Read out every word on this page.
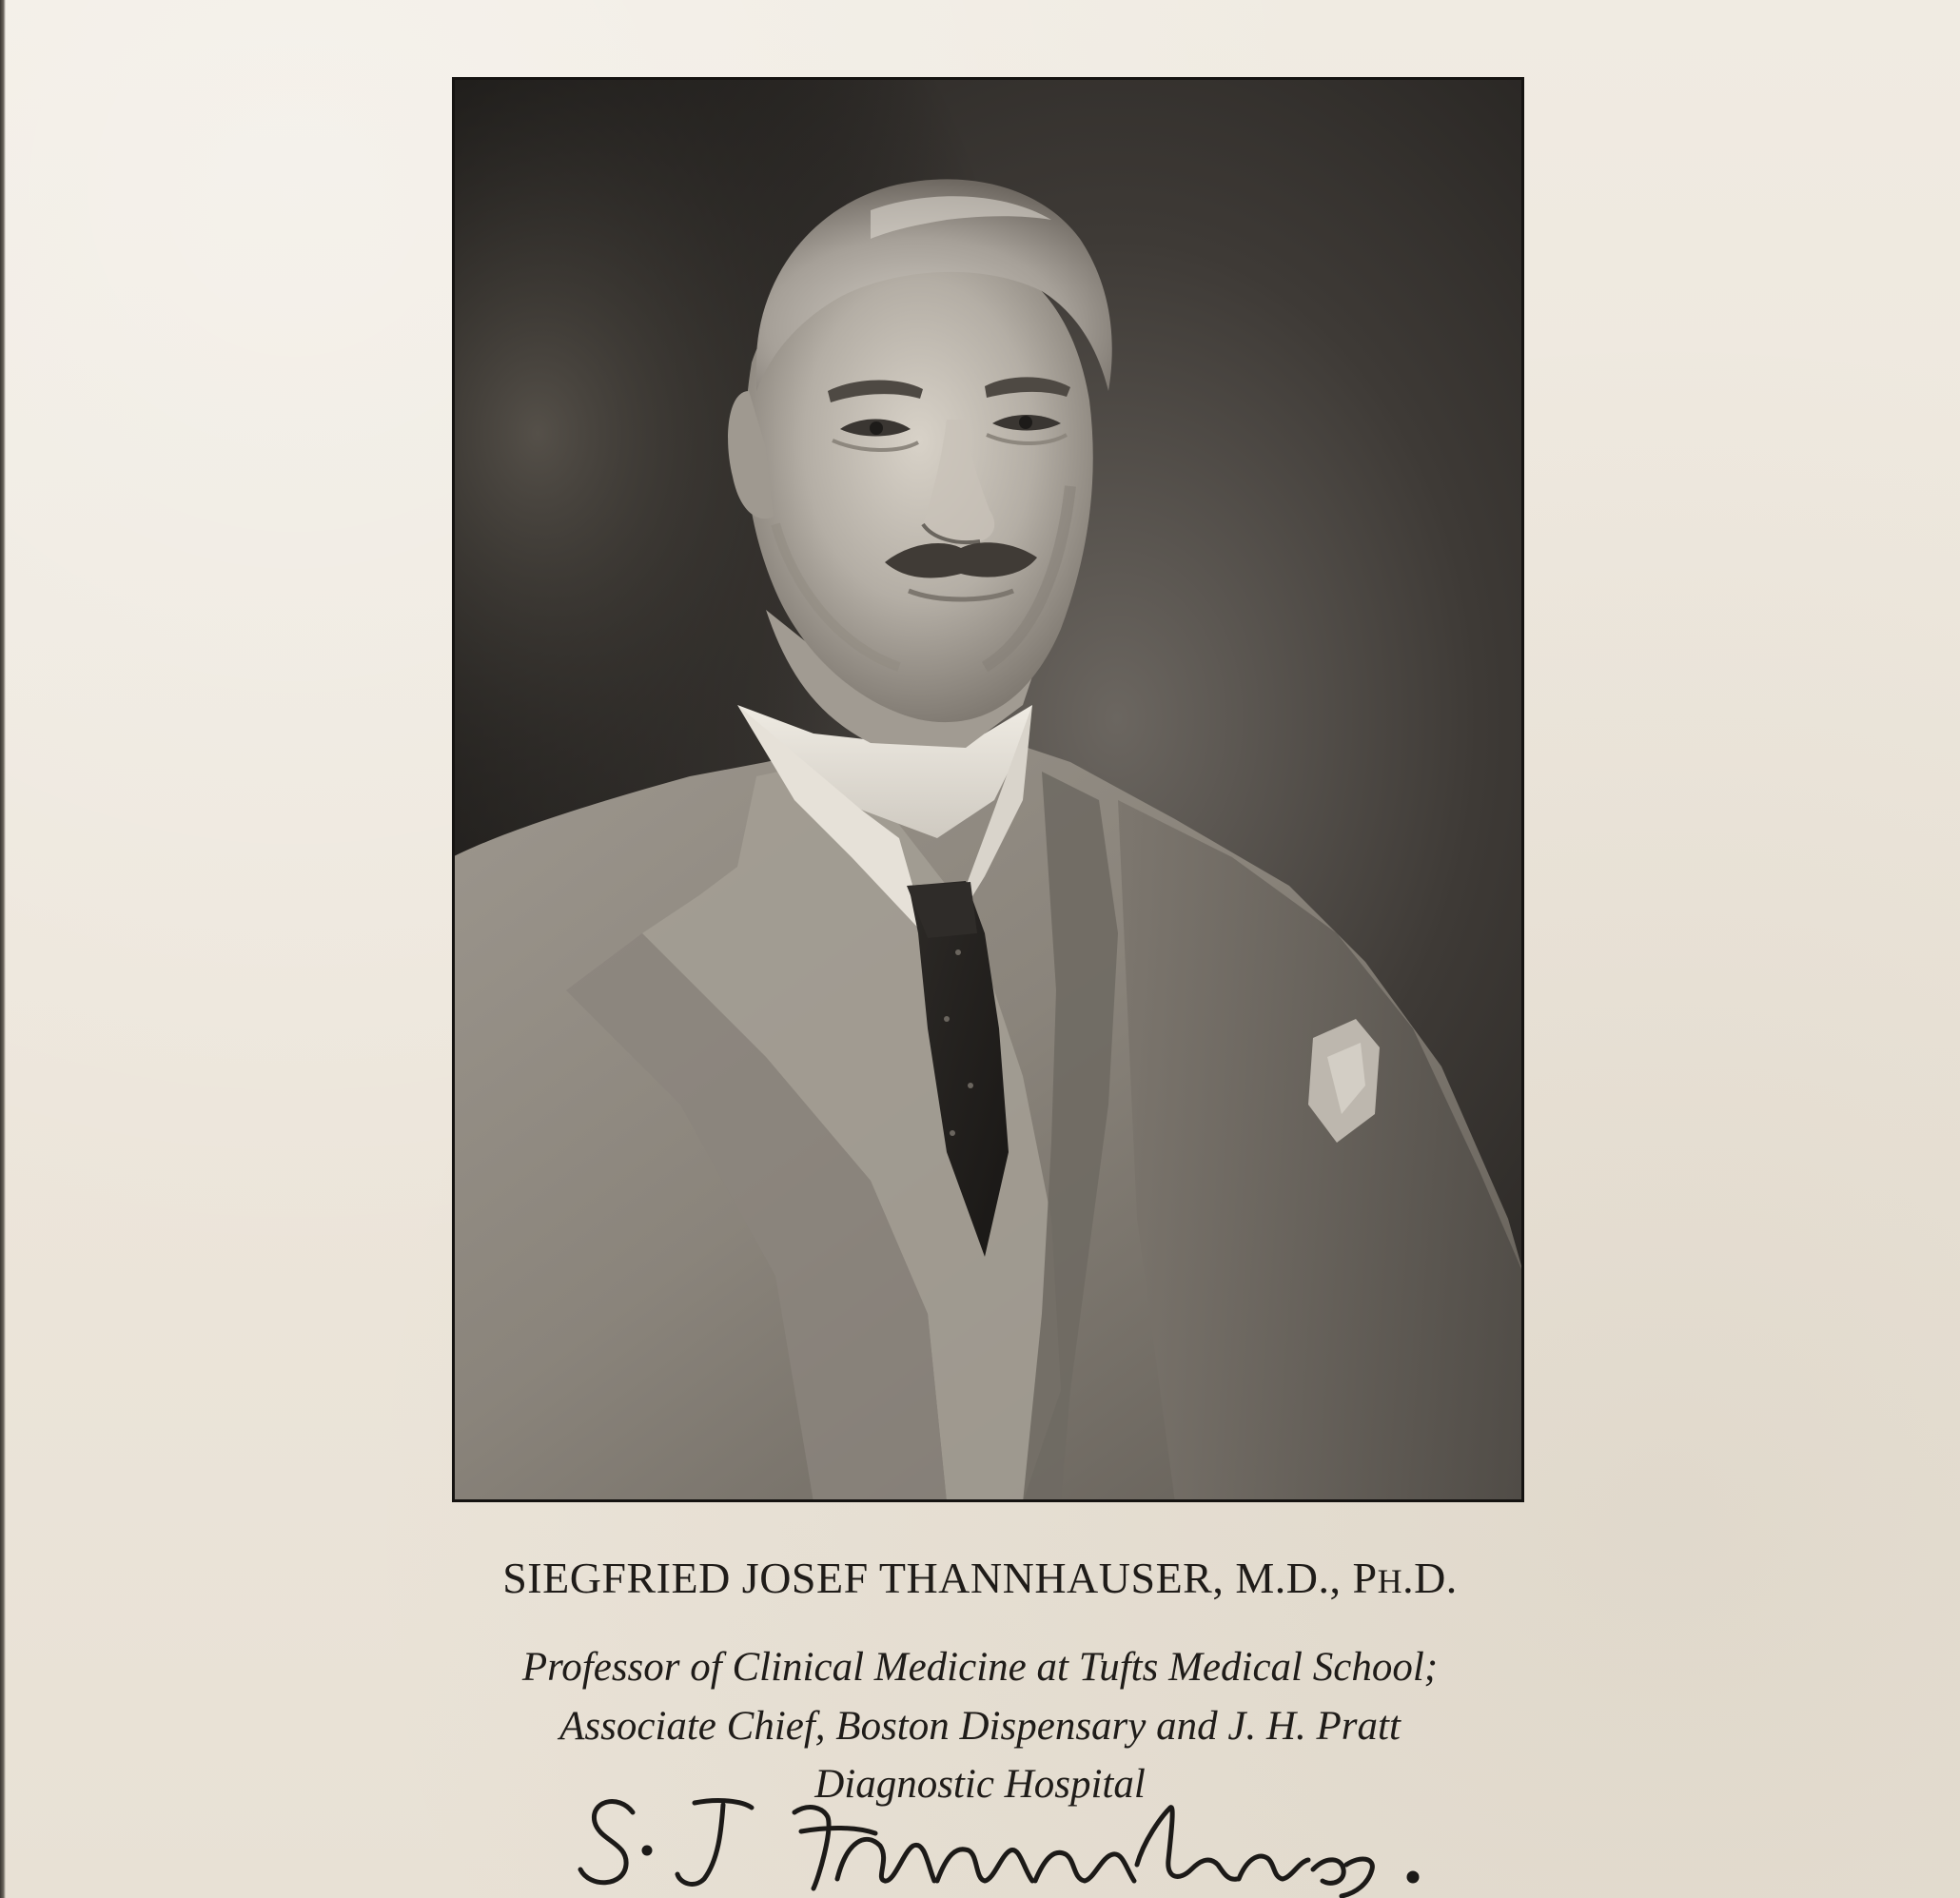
SIEGFRIED JOSEF THANNHAUSER, M.D., PH.D.
Professor of Clinical Medicine at Tufts Medical School;
Associate Chief, Boston Dispensary and J. H. Pratt
Diagnostic Hospital
